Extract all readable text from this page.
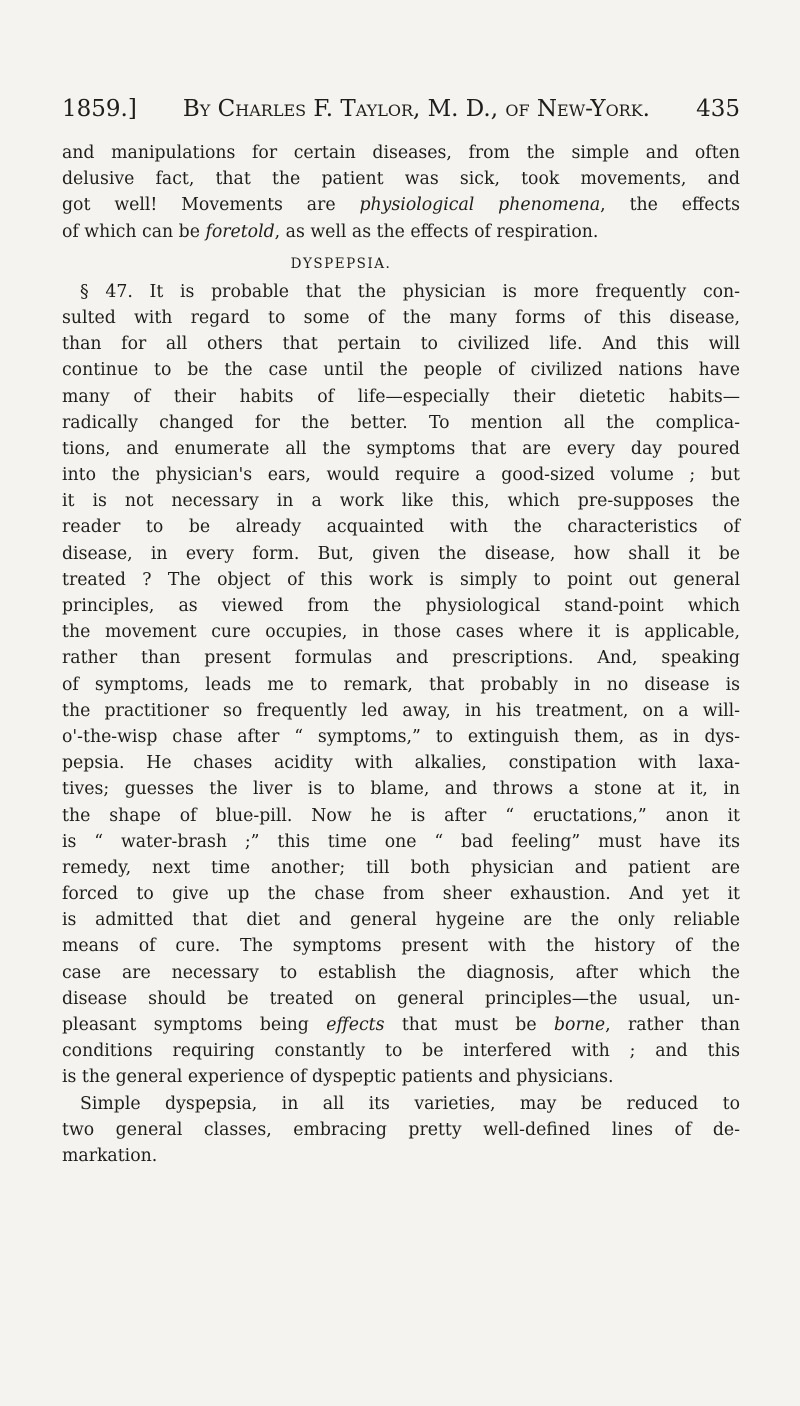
1859.] By Charles F. Taylor, M. D., of New-York. 435
and manipulations for certain diseases, from the simple and often
delusive fact, that the patient was sick, took movements, and
got well! Movements are physiological phenomena, the effects
of which can be foretold, as well as the effects of respiration.
DYSPEPSIA.
§ 47. It is probable that the physician is more frequently con-
sulted with regard to some of the many forms of this disease,
than for all others that pertain to civilized life. And this will
continue to be the case until the people of civilized nations have
many of their habits of life—especially their dietetic habits—
radically changed for the better. To mention all the complica-
tions, and enumerate all the symptoms that are every day poured
into the physician's ears, would require a good-sized volume ; but
it is not necessary in a work like this, which pre-supposes the
reader to be already acquainted with the characteristics of
disease, in every form. But, given the disease, how shall it be
treated ? The object of this work is simply to point out general
principles, as viewed from the physiological stand-point which
the movement cure occupies, in those cases where it is applicable,
rather than present formulas and prescriptions. And, speaking
of symptoms, leads me to remark, that probably in no disease is
the practitioner so frequently led away, in his treatment, on a will-
o'-the-wisp chase after “ symptoms,” to extinguish them, as in dys-
pepsia. He chases acidity with alkalies, constipation with laxa-
tives; guesses the liver is to blame, and throws a stone at it, in
the shape of blue-pill. Now he is after “ eructations,” anon it
is “ water-brash ;” this time one “ bad feeling” must have its
remedy, next time another; till both physician and patient are
forced to give up the chase from sheer exhaustion. And yet it
is admitted that diet and general hygeine are the only reliable
means of cure. The symptoms present with the history of the
case are necessary to establish the diagnosis, after which the
disease should be treated on general principles—the usual, un-
pleasant symptoms being effects that must be borne, rather than
conditions requiring constantly to be interfered with ; and this
is the general experience of dyspeptic patients and physicians.
Simple dyspepsia, in all its varieties, may be reduced to
two general classes, embracing pretty well-defined lines of de-
markation.
